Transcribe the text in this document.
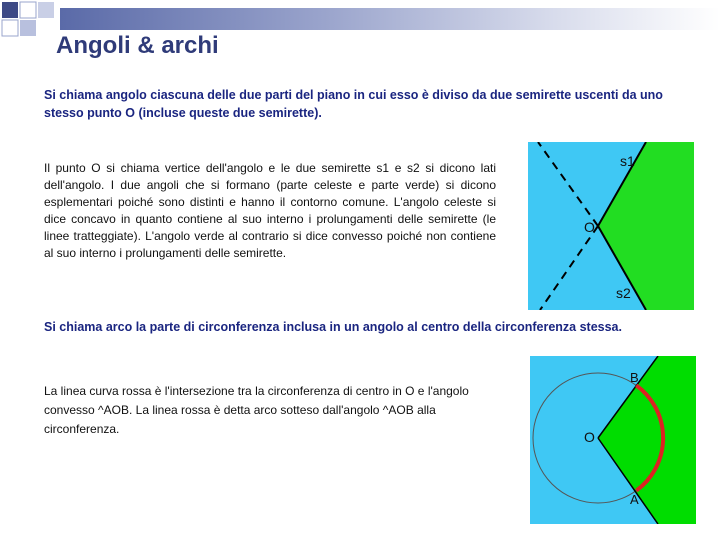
Angoli & archi
Si chiama angolo ciascuna delle due parti del piano in cui esso è diviso da due semirette uscenti da uno stesso punto O (incluse queste due semirette).
Il punto O si chiama vertice dell'angolo e le due semirette s1 e s2 si dicono lati dell'angolo. I due angoli che si formano (parte celeste e parte verde) si dicono esplementari poiché sono distinti e hanno il contorno comune. L'angolo celeste si dice concavo in quanto contiene al suo interno i prolungamenti delle semirette (le linee tratteggiate). L'angolo verde al contrario si dice convesso poiché non contiene al suo interno i prolungamenti delle semirette.
s1
O
s2
Si chiama arco la parte di circonferenza inclusa in un angolo al centro della circonferenza stessa.
La linea curva rossa è l'intersezione tra la circonferenza di centro in O e l'angolo convesso ^AOB. La linea rossa è detta arco sotteso dall'angolo ^AOB alla circonferenza.
B
O
A
